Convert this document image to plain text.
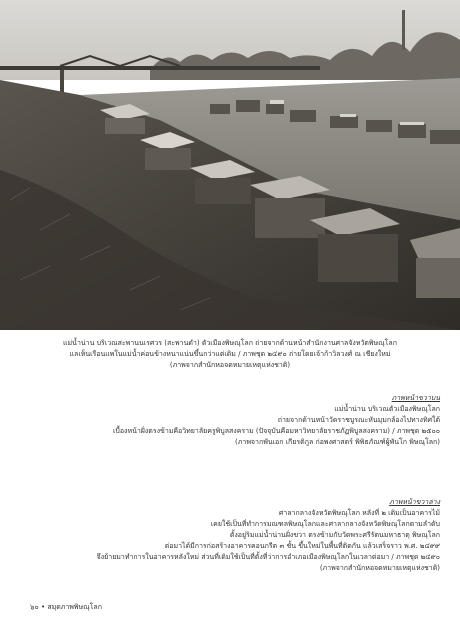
แม่น้ำน่าน บริเวณสะพานนเรศวร (สะพานดำ) ตัวเมืองพิษณุโลก ถ่ายจากด้านหน้าสำนักงานศาลจังหวัดพิษณุโลก

แลเห็นเรือนแพในแม่น้ำค่อนข้างหนาแน่นขึ้นกว่าแต่เดิม / ภาพชุด ๒๔๙๐ ถ่ายโดยเจ้าก้าวิลวงศ์ ณ เชียงใหม่

(ภาพจากสำนักหอจดหมายเหตุแห่งชาติ)

ภาพหน้าขวาบน

แม่น้ำน่าน บริเวณตัวเมืองพิษณุโลก

ถ่ายจากด้านหน้าวัดราชบูรณะหันมุมกล้องไปทางทิศใต้

เบื้องหน้าฝั่งตรงข้ามคือวิทยาลัยครูพิบูลสงคราม (ปัจจุบันคือมหาวิทยาลัยราชภัฏพิบูลสงคราม) / ภาพชุด ๒๕๐๐

(ภาพจากพันเอก เกียรติกูล ก่อพงศาสตร์ พิพิธภัณฑ์ผู้พันโก พิษณุโลก)

ภาพหน้าขวาล่าง

ศาลากลางจังหวัดพิษณุโลก หลังที่ ๒ เดิมเป็นอาคารไม้

เคยใช้เป็นที่ทำการมณฑลพิษณุโลกและศาลากลางจังหวัดพิษณุโลกตามลำดับ

ตั้งอยู่ริมแม่น้ำน่านฝั่งขวา ตรงข้ามกับวัดพระศรีรัตนมหาธาตุ พิษณุโลก

ต่อมาได้มีการก่อสร้างอาคารคอนกรีต ๓ ชั้น ขึ้นใหม่ในพื้นที่ติดกัน แล้วเสร็จราว พ.ศ. ๒๔๙๙

จึงย้ายมาทำการในอาคารหลังใหม่ ส่วนที่เดิมใช้เป็นที่ตั้งที่ว่าการอำเภอเมืองพิษณุโลกในเวลาต่อมา / ภาพชุด ๒๔๙๐

(ภาพจากสำนักหอจดหมายเหตุแห่งชาติ)

๖๐ • สมุดภาพพิษณุโลก
